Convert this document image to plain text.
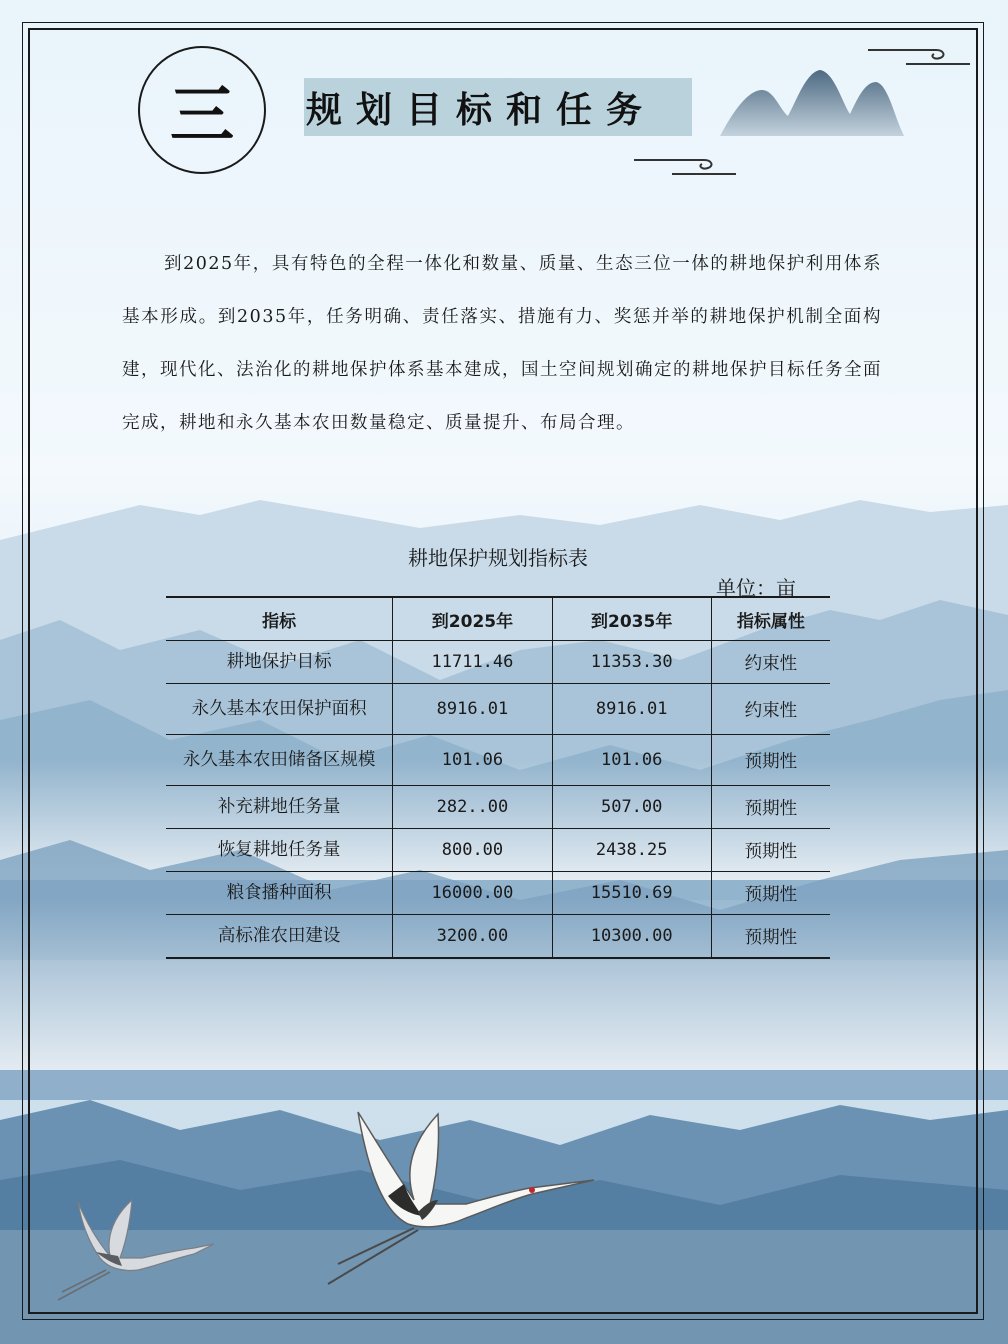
三 规划目标和任务
到2025年，具有特色的全程一体化和数量、质量、生态三位一体的耕地保护利用体系基本形成。到2035年，任务明确、责任落实、措施有力、奖惩并举的耕地保护机制全面构建，现代化、法治化的耕地保护体系基本建成，国土空间规划确定的耕地保护目标任务全面完成，耕地和永久基本农田数量稳定、质量提升、布局合理。
耕地保护规划指标表
单位：亩
指标	到2025年	到2035年	指标属性
耕地保护目标	11711.46	11353.30	约束性
永久基本农田保护面积	8916.01	8916.01	约束性
永久基本农田储备区规模	101.06	101.06	预期性
补充耕地任务量	282..00	507.00	预期性
恢复耕地任务量	800.00	2438.25	预期性
粮食播种面积	16000.00	15510.69	预期性
高标准农田建设	3200.00	10300.00	预期性
